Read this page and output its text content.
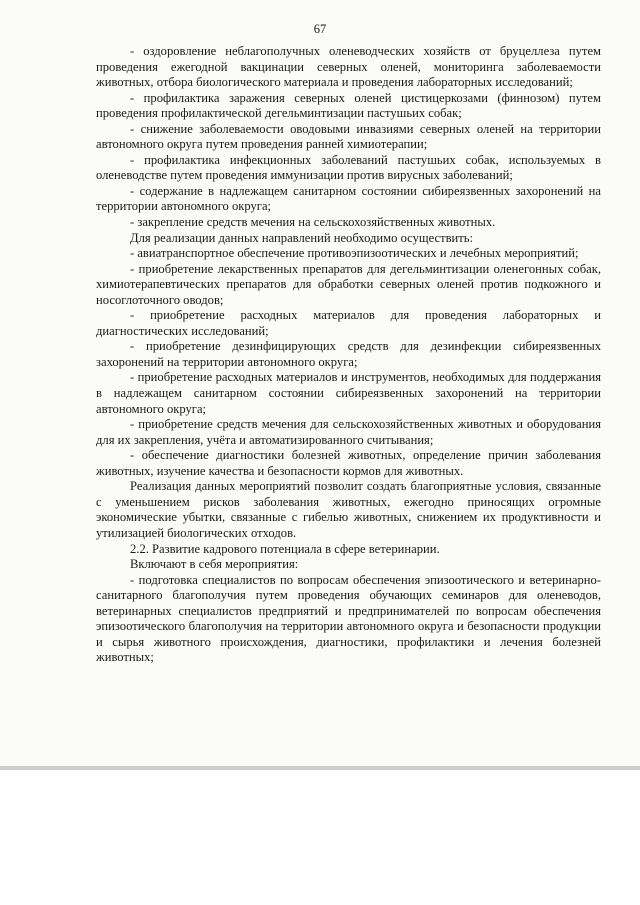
67

- оздоровление неблагополучных оленеводческих хозяйств от бруцеллеза путем проведения ежегодной вакцинации северных оленей, мониторинга заболеваемости животных, отбора биологического материала и проведения лабораторных исследований;

- профилактика заражения северных оленей цистицеркозами (финнозом) путем проведения профилактической дегельминтизации пастушьих собак;

- снижение заболеваемости оводовыми инвазиями северных оленей на территории автономного округа путем проведения ранней химиотерапии;

- профилактика инфекционных заболеваний пастушьих собак, используемых в оленеводстве путем проведения иммунизации против вирусных заболеваний;

- содержание в надлежащем санитарном состоянии сибиреязвенных захоронений на территории автономного округа;

- закрепление средств мечения на сельскохозяйственных животных.

Для реализации данных направлений необходимо осуществить:

- авиатранспортное обеспечение противоэпизоотических и лечебных мероприятий;

- приобретение лекарственных препаратов для дегельминтизации оленегонных собак, химиотерапевтических препаратов для обработки северных оленей против подкожного и носоглоточного оводов;

- приобретение расходных материалов для проведения лабораторных и диагностических исследований;

- приобретение дезинфицирующих средств для дезинфекции сибиреязвенных захоронений на территории автономного округа;

- приобретение расходных материалов и инструментов, необходимых для поддержания в надлежащем санитарном состоянии сибиреязвенных захоронений на территории автономного округа;

- приобретение средств мечения для сельскохозяйственных животных и оборудования для их закрепления, учёта и автоматизированного считывания;

- обеспечение диагностики болезней животных, определение причин заболевания животных, изучение качества и безопасности кормов для животных.

Реализация данных мероприятий позволит создать благоприятные условия, связанные с уменьшением рисков заболевания животных, ежегодно приносящих огромные экономические убытки, связанные с гибелью животных, снижением их продуктивности и утилизацией биологических отходов.

2.2. Развитие кадрового потенциала в сфере ветеринарии.

Включают в себя мероприятия:

- подготовка специалистов по вопросам обеспечения эпизоотического и ветеринарно-санитарного благополучия путем проведения обучающих семинаров для оленеводов, ветеринарных специалистов предприятий и предпринимателей по вопросам обеспечения эпизоотического благополучия на территории автономного округа и безопасности продукции и сырья животного происхождения, диагностики, профилактики и лечения болезней животных;
